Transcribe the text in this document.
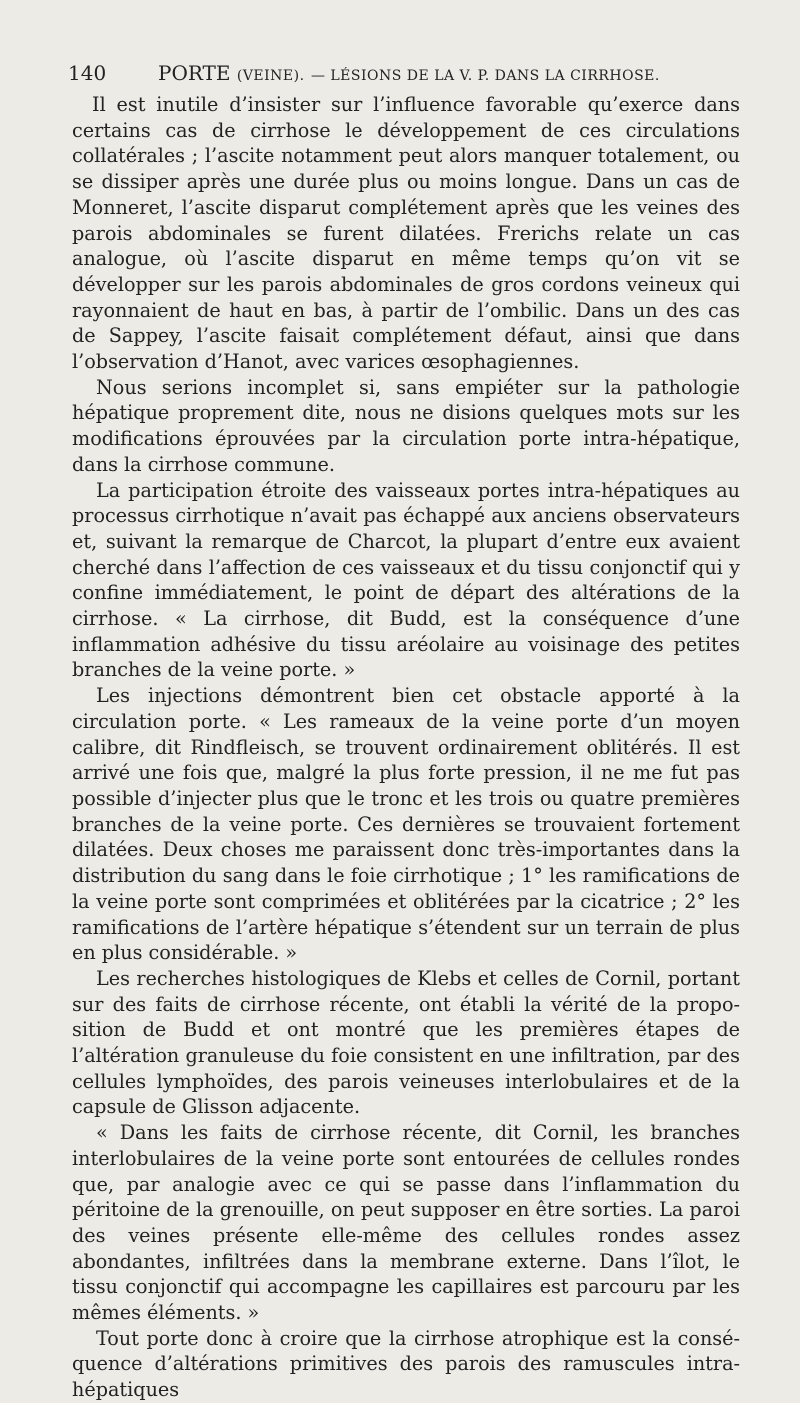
140	PORTE (VEINE). — LÉSIONS DE LA V. P. DANS LA CIRRHOSE.

Il est inutile d’insister sur l’influence favorable qu’exerce dans certains cas de cirrhose le développement de ces circulations collatérales ; l’ascite notamment peut alors manquer totalement, ou se dissiper après une durée plus ou moins longue. Dans un cas de Monneret, l’ascite disparut complétement après que les veines des parois abdominales se furent dilatées. Frerichs relate un cas analogue, où l’ascite disparut en même temps qu’on vit se développer sur les parois abdominales de gros cordons veineux qui rayonnaient de haut en bas, à partir de l’ombilic. Dans un des cas de Sappey, l’ascite faisait complétement défaut, ainsi que dans l’observation d’Hanot, avec varices œsophagiennes.

Nous serions incomplet si, sans empiéter sur la pathologie hépatique proprement dite, nous ne disions quelques mots sur les modifications éprouvées par la circulation porte intra-hépatique, dans la cirrhose commune.

La participation étroite des vaisseaux portes intra-hépatiques au processus cirrhotique n’avait pas échappé aux anciens observateurs et, suivant la remarque de Charcot, la plupart d’entre eux avaient cherché dans l’affection de ces vaisseaux et du tissu conjonctif qui y confine immédiatement, le point de départ des altérations de la cirrhose. « La cirrhose, dit Budd, est la conséquence d’une inflammation adhésive du tissu aréolaire au voisinage des petites branches de la veine porte. »

Les injections démontrent bien cet obstacle apporté à la circulation porte. « Les rameaux de la veine porte d’un moyen calibre, dit Rindfleisch, se trouvent ordinairement oblitérés. Il est arrivé une fois que, malgré la plus forte pression, il ne me fut pas possible d’injecter plus que le tronc et les trois ou quatre premières branches de la veine porte. Ces dernières se trouvaient fortement dilatées. Deux choses me paraissent donc très-importantes dans la distribution du sang dans le foie cirrhotique ; 1° les ramifications de la veine porte sont comprimées et oblitérées par la cicatrice ; 2° les ramifications de l’artère hépatique s’étendent sur un terrain de plus en plus considérable. »

Les recherches histologiques de Klebs et celles de Cornil, portant sur des faits de cirrhose récente, ont établi la vérité de la proposition de Budd et ont montré que les premières étapes de l’altération granuleuse du foie consistent en une infiltration, par des cellules lymphoïdes, des parois veineuses interlobulaires et de la capsule de Glisson adjacente.

« Dans les faits de cirrhose récente, dit Cornil, les branches interlobulaires de la veine porte sont entourées de cellules rondes que, par analogie avec ce qui se passe dans l’inflammation du péritoine de la grenouille, on peut supposer en être sorties. La paroi des veines présente elle-même des cellules rondes assez abondantes, infiltrées dans la membrane externe. Dans l’îlot, le tissu conjonctif qui accompagne les capillaires est parcouru par les mêmes éléments. »

Tout porte donc à croire que la cirrhose atrophique est la conséquence d’altérations primitives des parois des ramuscules intra-hépatiques
